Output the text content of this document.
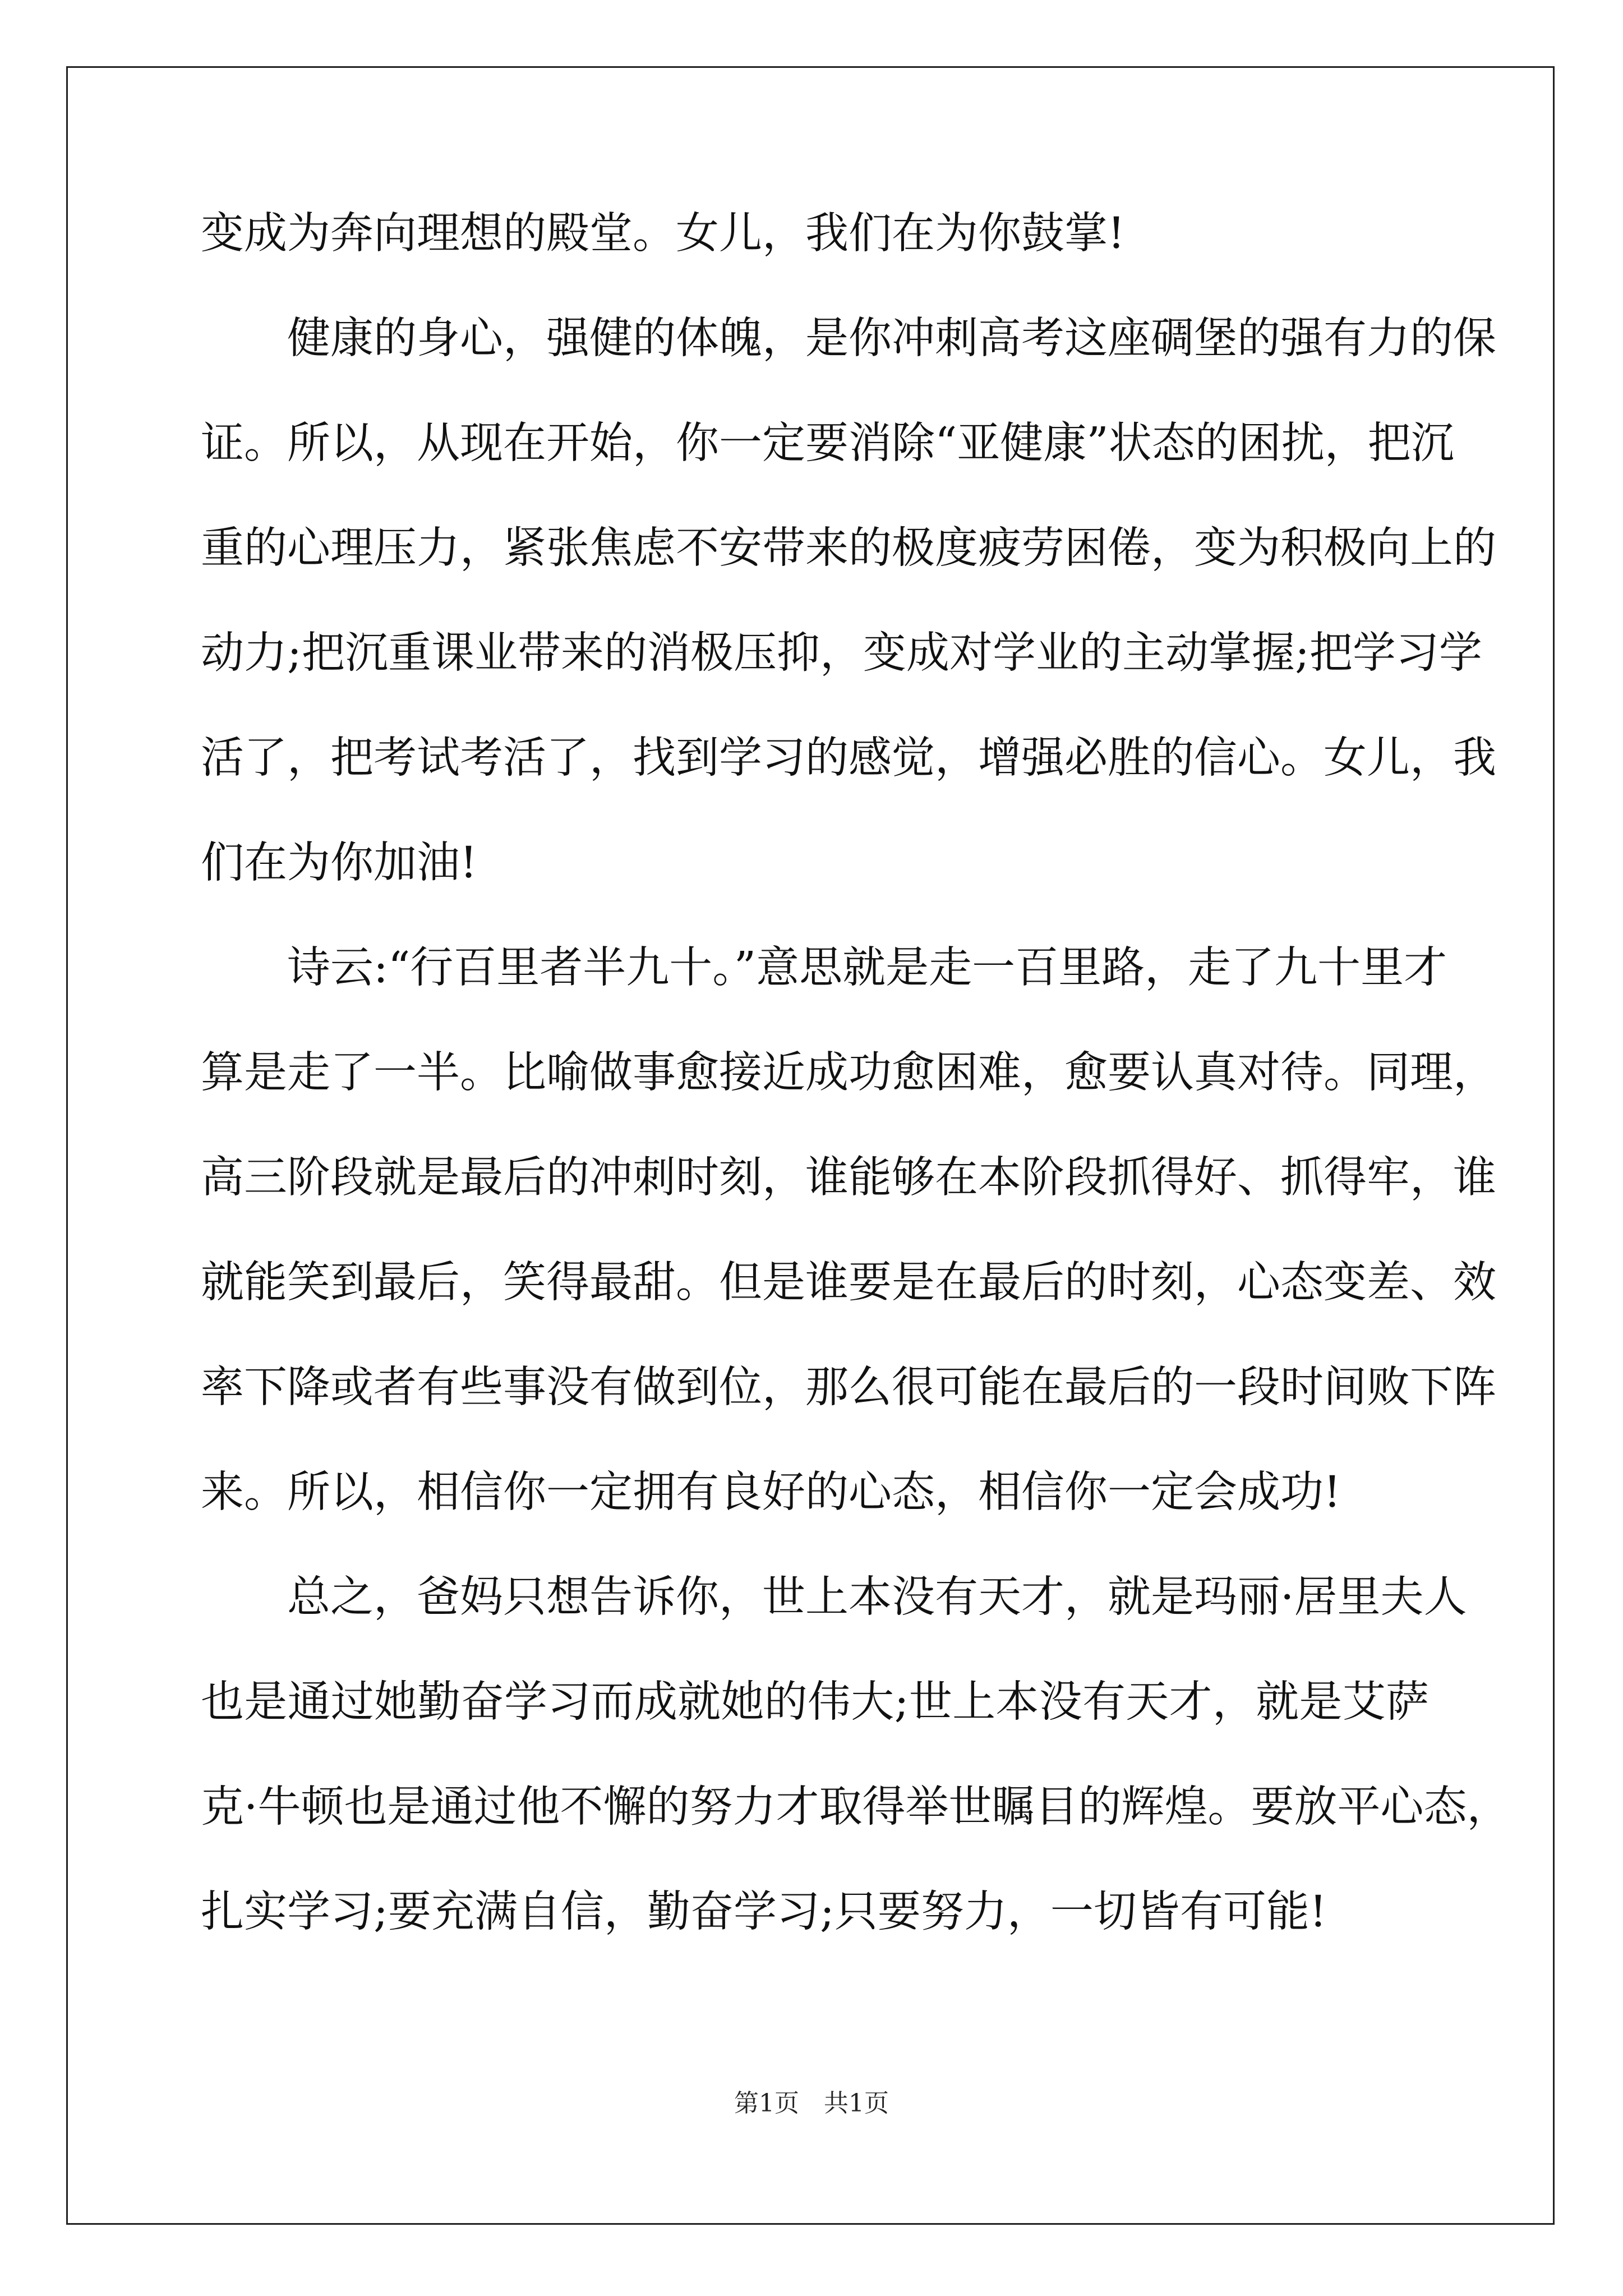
变成为奔向理想的殿堂。女儿，我们在为你鼓掌!
　　健康的身心，强健的体魄，是你冲刺高考这座碉堡的强有力的保
证。所以，从现在开始，你一定要消除“亚健康”状态的困扰，把沉
重的心理压力，紧张焦虑不安带来的极度疲劳困倦，变为积极向上的
动力;把沉重课业带来的消极压抑，变成对学业的主动掌握;把学习学
活了，把考试考活了，找到学习的感觉，增强必胜的信心。女儿，我
们在为你加油!
　　诗云:“行百里者半九十。”意思就是走一百里路，走了九十里才
算是走了一半。比喻做事愈接近成功愈困难，愈要认真对待。同理，
高三阶段就是最后的冲刺时刻，谁能够在本阶段抓得好、抓得牢，谁
就能笑到最后，笑得最甜。但是谁要是在最后的时刻，心态变差、效
率下降或者有些事没有做到位，那么很可能在最后的一段时间败下阵
来。所以，相信你一定拥有良好的心态，相信你一定会成功!
　　总之，爸妈只想告诉你，世上本没有天才，就是玛丽·居里夫人
也是通过她勤奋学习而成就她的伟大;世上本没有天才，就是艾萨
克·牛顿也是通过他不懈的努力才取得举世瞩目的辉煌。要放平心态，
扎实学习;要充满自信，勤奋学习;只要努力，一切皆有可能!
第1页　共1页
